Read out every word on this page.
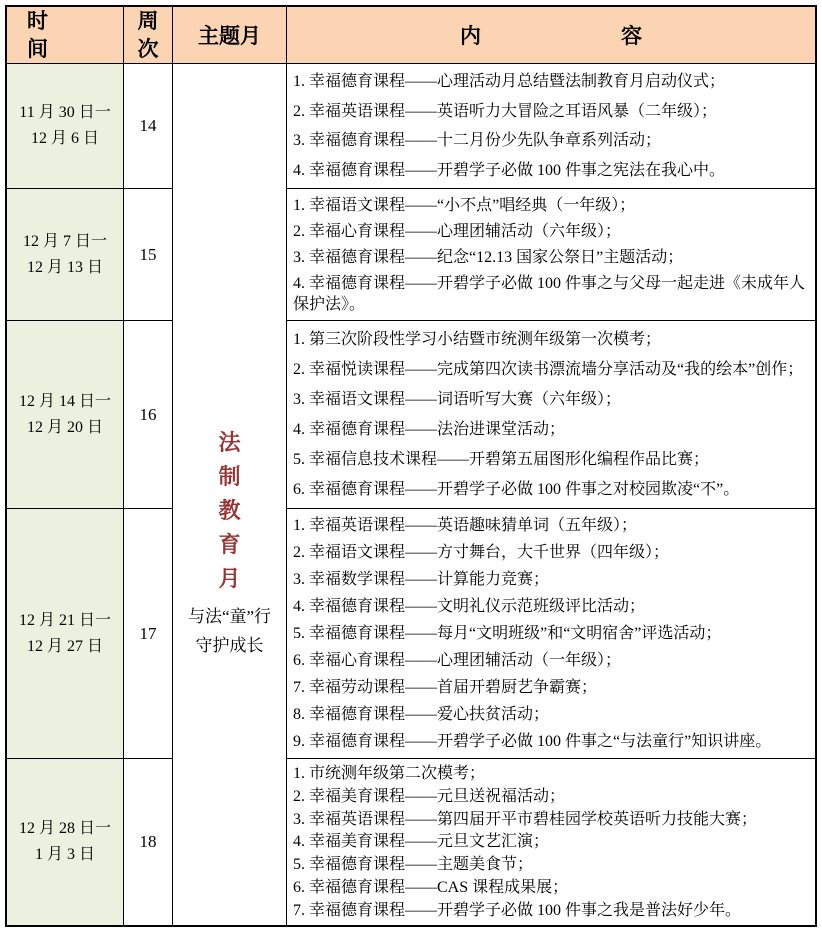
时
间
周
次
主题月	内	容
法
制
教
育
月
与法“童”行
守护成长
11 月 30 日一
12 月 6 日
14
1. 幸福德育课程——心理活动月总结暨法制教育月启动仪式；
2. 幸福英语课程——英语听力大冒险之耳语风暴（二年级）；
3. 幸福德育课程——十二月份少先队争章系列活动；
4. 幸福德育课程——开碧学子必做 100 件事之宪法在我心中。
12 月 7 日一
12 月 13 日
15
1. 幸福语文课程——“小不点”唱经典（一年级）；
2. 幸福心育课程——心理团辅活动（六年级）；
3. 幸福德育课程——纪念“12.13 国家公祭日”主题活动；
4. 幸福德育课程——开碧学子必做 100 件事之与父母一起走进《未成年人保护法》。
12 月 14 日一
12 月 20 日
16
1. 第三次阶段性学习小结暨市统测年级第一次模考；
2. 幸福悦读课程——完成第四次读书漂流墙分享活动及“我的绘本”创作；
3. 幸福语文课程——词语听写大赛（六年级）；
4. 幸福德育课程——法治进课堂活动；
5. 幸福信息技术课程——开碧第五届图形化编程作品比赛；
6. 幸福德育课程——开碧学子必做 100 件事之对校园欺凌“不”。
12 月 21 日一
12 月 27 日
17
1. 幸福英语课程——英语趣味猜单词（五年级）；
2. 幸福语文课程——方寸舞台，大千世界（四年级）；
3. 幸福数学课程——计算能力竞赛；
4. 幸福德育课程——文明礼仪示范班级评比活动；
5. 幸福德育课程——每月“文明班级”和“文明宿舍”评选活动；
6. 幸福心育课程——心理团辅活动（一年级）；
7. 幸福劳动课程——首届开碧厨艺争霸赛；
8. 幸福德育课程——爱心扶贫活动；
9. 幸福德育课程——开碧学子必做 100 件事之“与法童行”知识讲座。
12 月 28 日一
1 月 3 日
18
1. 市统测年级第二次模考；
2. 幸福美育课程——元旦送祝福活动；
3. 幸福英语课程——第四届开平市碧桂园学校英语听力技能大赛；
4. 幸福美育课程——元旦文艺汇演；
5. 幸福德育课程——主题美食节；
6. 幸福德育课程——CAS 课程成果展；
7. 幸福德育课程——开碧学子必做 100 件事之我是普法好少年。
